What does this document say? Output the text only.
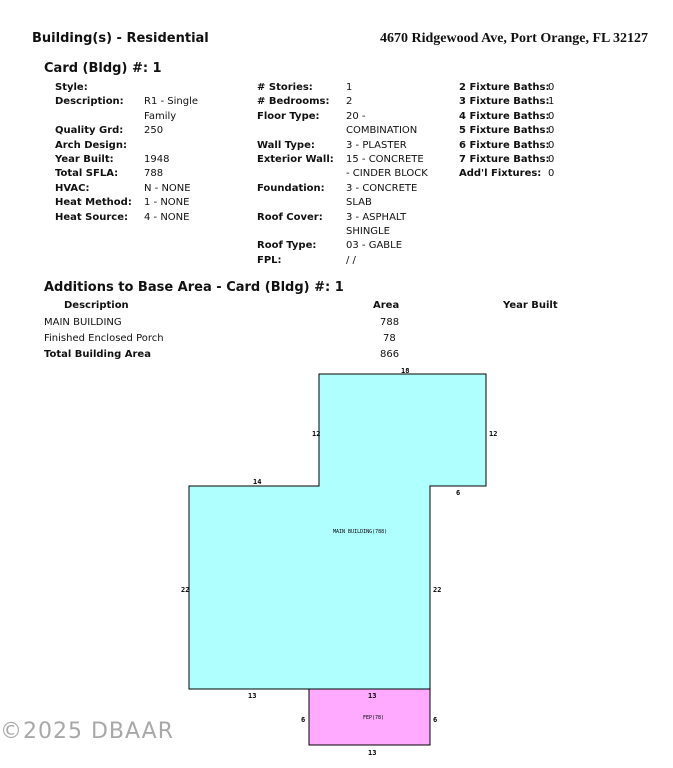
Building(s) - Residential	4670 Ridgewood Ave, Port Orange, FL 32127
Card (Bldg) #: 1
Style:
Description: R1 - Single
Family
Quality Grd: 250
Arch Design:
Year Built:	1948
Total SFLA:	788
HVAC:	N - NONE
Heat Method: 1 - NONE
Heat Source: 4 - NONE
# Stories:	1
# Bedrooms: 2
Floor Type:	20 -
COMBINATION
Wall Type:	3 - PLASTER
Exterior Wall: 15 - CONCRETE
- CINDER BLOCK
Foundation: 3 - CONCRETE
SLAB
Roof Cover: 3 - ASPHALT
SHINGLE
Roof Type:	03 - GABLE
FPL:	/ /
2 Fixture Baths:
0
3 Fixture Baths:
1
4 Fixture Baths:
0
5 Fixture Baths:
0
6 Fixture Baths:
0
7 Fixture Baths:
0
Add'l Fixtures: 0
Additions to Base Area - Card (Bldg) #: 1
Description	Area	Year Built
MAIN BUILDING	788
Finished Enclosed Porch	78
Total Building Area	866
MAIN BUILDING(788)
FEP(78)
18
12	12
6
14
22	22
13	13
6	6
13
©2025 DBAAR
